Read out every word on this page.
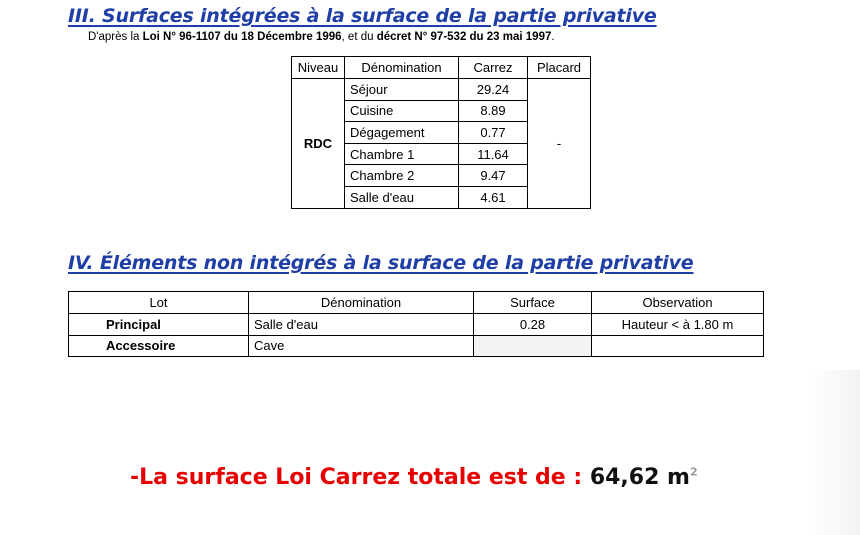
III. Surfaces intégrées à la surface de la partie privative
D'après la Loi N° 96-1107 du 18 Décembre 1996, et du décret N° 97-532 du 23 mai 1997.
Niveau	Dénomination	Carrez	Placard
RDC	Séjour	29.24	-
	Cuisine	8.89	
	Dégagement	0.77	
	Chambre 1	11.64	
	Chambre 2	9.47	
	Salle d'eau	4.61	
IV. Éléments non intégrés à la surface de la partie privative
Lot	Dénomination	Surface	Observation
Principal	Salle d'eau	0.28	Hauteur < à 1.80 m
Accessoire	Cave		
-La surface Loi Carrez totale est de : 64,62 $m^2$
